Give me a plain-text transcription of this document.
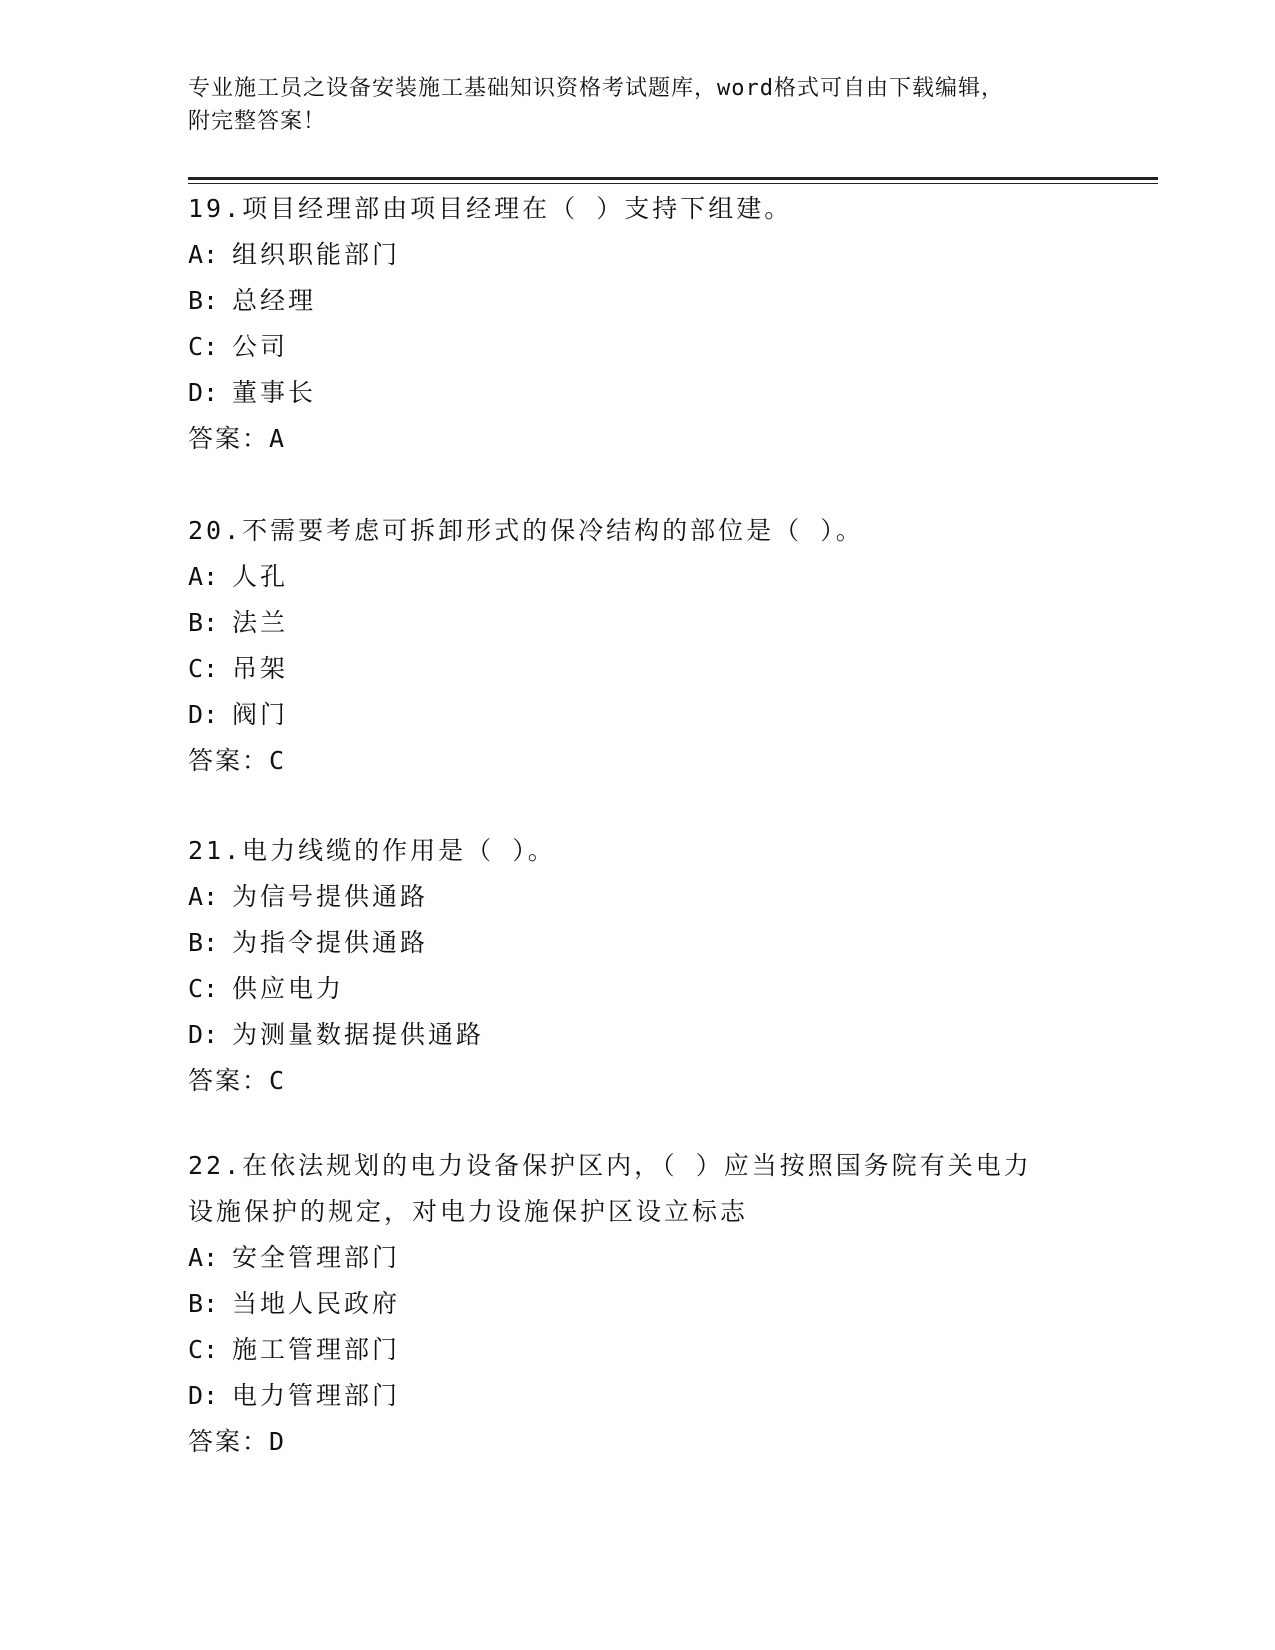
专业施工员之设备安装施工基础知识资格考试题库，word格式可自由下载编辑，
附完整答案！
19.项目经理部由项目经理在（ ）支持下组建。
A: 组织职能部门
B: 总经理
C: 公司
D: 董事长
答案：A
20.不需要考虑可拆卸形式的保冷结构的部位是（ ）。
A: 人孔
B: 法兰
C: 吊架
D: 阀门
答案：C
21.电力线缆的作用是（ ）。
A: 为信号提供通路
B: 为指令提供通路
C: 供应电力
D: 为测量数据提供通路
答案：C
22.在依法规划的电力设备保护区内，（ ）应当按照国务院有关电力
设施保护的规定，对电力设施保护区设立标志
A: 安全管理部门
B: 当地人民政府
C: 施工管理部门
D: 电力管理部门
答案：D
